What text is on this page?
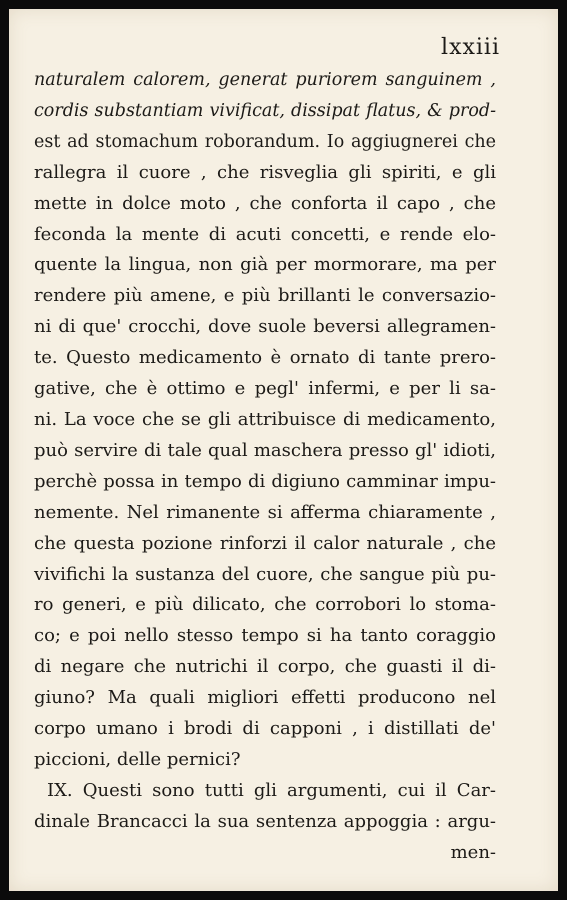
lxxiii
naturalem calorem, generat puriorem sanguinem ,
cordis substantiam vivificat, dissipat flatus, & prod-
est ad stomachum roborandum. Io aggiugnerei che
rallegra il cuore , che risveglia gli spiriti, e gli
mette in dolce moto , che conforta il capo , che
feconda la mente di acuti concetti, e rende elo-
quente la lingua, non già per mormorare, ma per
rendere più amene, e più brillanti le conversazio-
ni di que' crocchi, dove suole beversi allegramen-
te. Questo medicamento è ornato di tante prero-
gative, che è ottimo e pegl' infermi, e per li sa-
ni. La voce che se gli attribuisce di medicamento,
può servire di tale qual maschera presso gl' idioti,
perchè possa in tempo di digiuno camminar impu-
nemente. Nel rimanente si afferma chiaramente ,
che questa pozione rinforzi il calor naturale , che
vivifichi la sustanza del cuore, che sangue più pu-
ro generi, e più dilicato, che corrobori lo stoma-
co; e poi nello stesso tempo si ha tanto coraggio
di negare che nutrichi il corpo, che guasti il di-
giuno? Ma quali migliori effetti producono nel
corpo umano i brodi di capponi , i distillati de'
piccioni, delle pernici?
IX. Questi sono tutti gli argumenti, cui il Car-
dinale Brancacci la sua sentenza appoggia : argu-
men-
